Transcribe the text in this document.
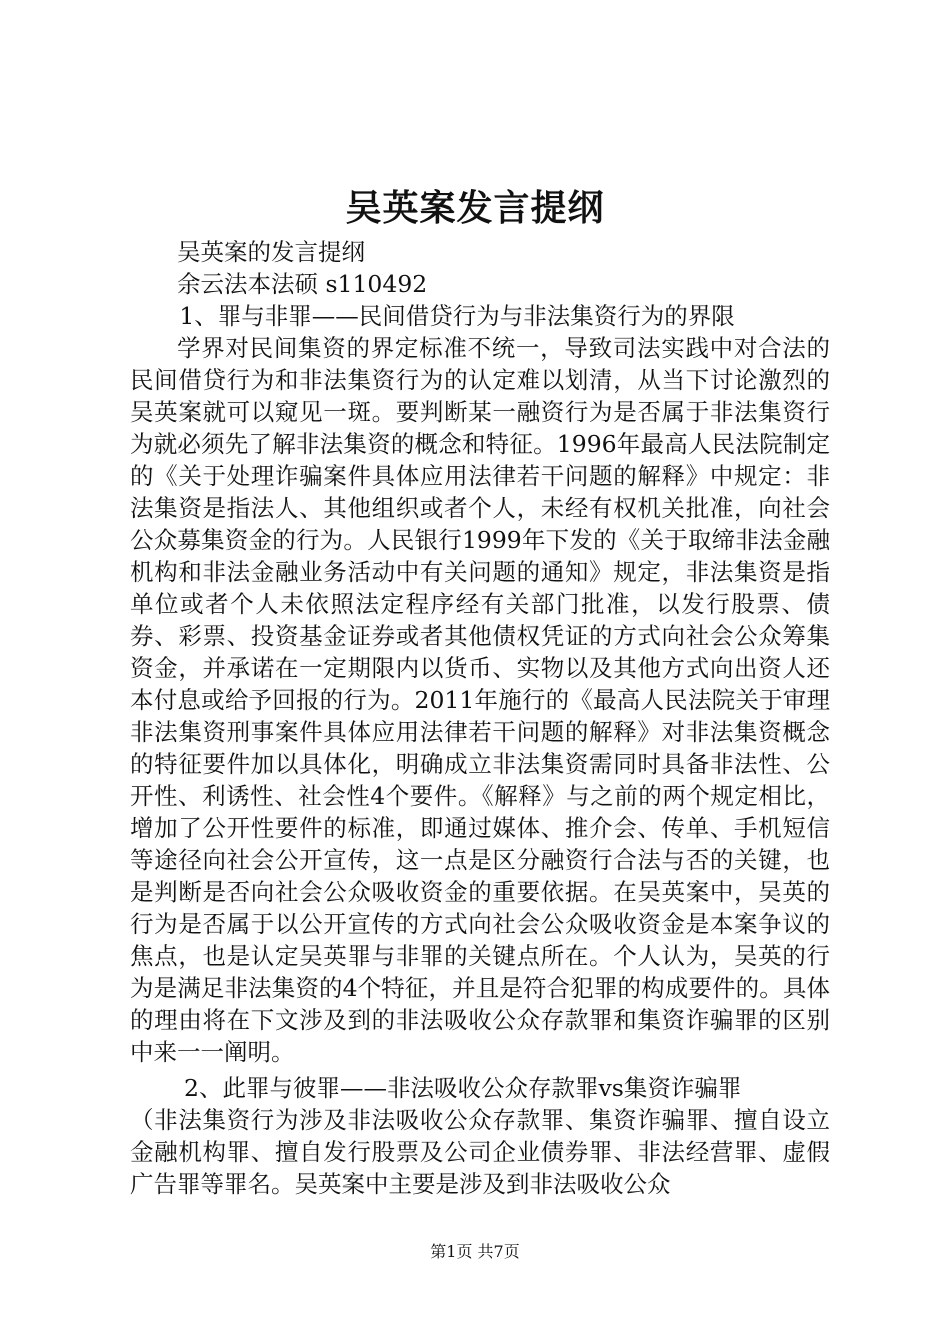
吴英案发言提纲

吴英案的发言提纲

余云法本法硕 s110492

1、罪与非罪——民间借贷行为与非法集资行为的界限

学界对民间集资的界定标准不统一，导致司法实践中对合法的民间借贷行为和非法集资行为的认定难以划清，从当下讨论激烈的吴英案就可以窥见一斑。要判断某一融资行为是否属于非法集资行为就必须先了解非法集资的概念和特征。1996年最高人民法院制定的《关于处理诈骗案件具体应用法律若干问题的解释》中规定：非法集资是指法人、其他组织或者个人，未经有权机关批准，向社会公众募集资金的行为。人民银行1999年下发的《关于取缔非法金融机构和非法金融业务活动中有关问题的通知》规定，非法集资是指单位或者个人未依照法定程序经有关部门批准，以发行股票、债券、彩票、投资基金证券或者其他债权凭证的方式向社会公众筹集资金，并承诺在一定期限内以货币、实物以及其他方式向出资人还本付息或给予回报的行为。2011年施行的《最高人民法院关于审理非法集资刑事案件具体应用法律若干问题的解释》对非法集资概念的特征要件加以具体化，明确成立非法集资需同时具备非法性、公开性、利诱性、社会性4个要件。《解释》与之前的两个规定相比，增加了公开性要件的标准，即通过媒体、推介会、传单、手机短信等途径向社会公开宣传，这一点是区分融资行合法与否的关键，也是判断是否向社会公众吸收资金的重要依据。在吴英案中，吴英的行为是否属于以公开宣传的方式向社会公众吸收资金是本案争议的焦点，也是认定吴英罪与非罪的关键点所在。个人认为，吴英的行为是满足非法集资的4个特征，并且是符合犯罪的构成要件的。具体的理由将在下文涉及到的非法吸收公众存款罪和集资诈骗罪的区别中来一一阐明。

2、此罪与彼罪——非法吸收公众存款罪vs集资诈骗罪

（非法集资行为涉及非法吸收公众存款罪、集资诈骗罪、擅自设立金融机构罪、擅自发行股票及公司企业债券罪、非法经营罪、虚假广告罪等罪名。吴英案中主要是涉及到非法吸收公众

第1页 共7页
